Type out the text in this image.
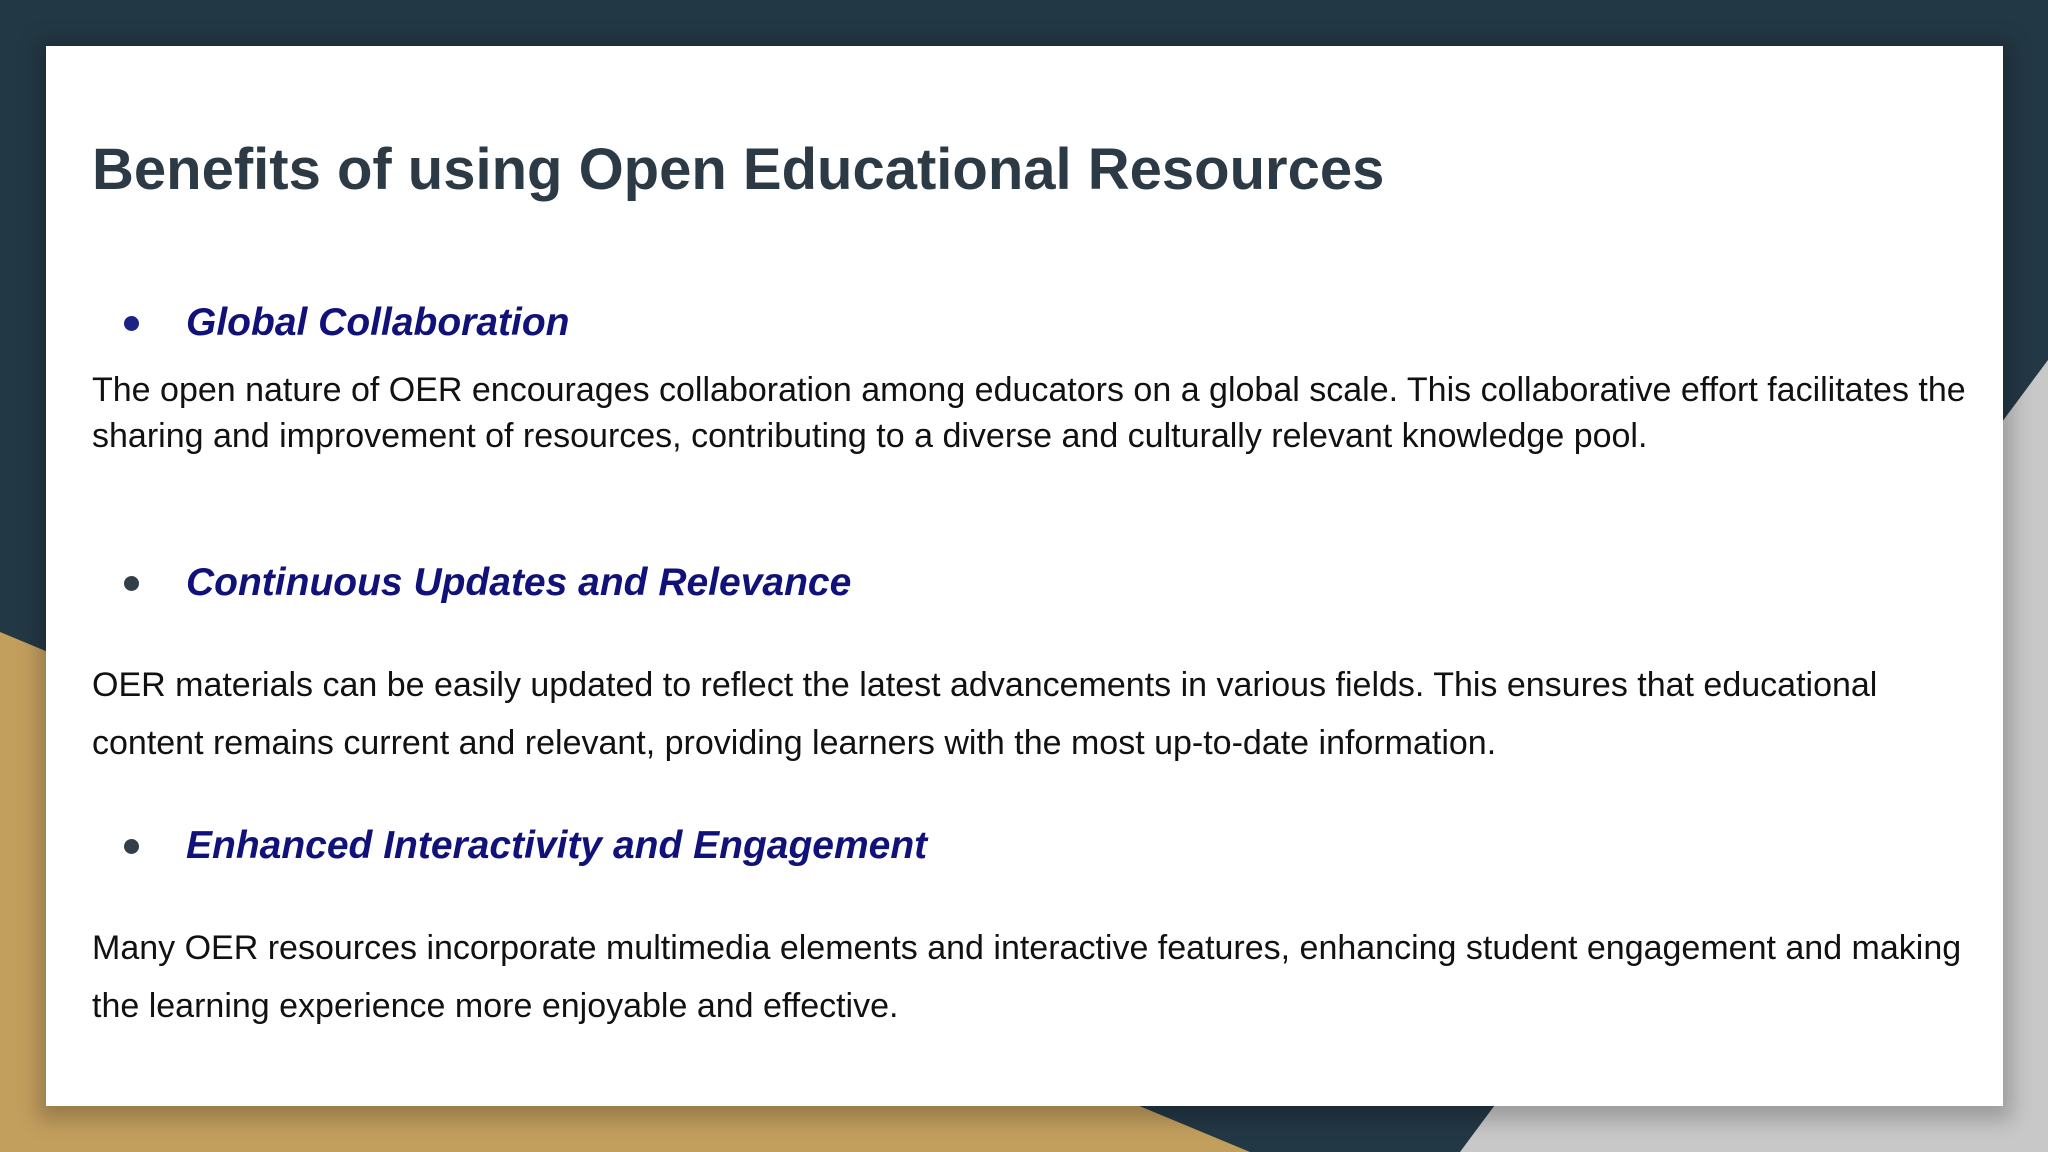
Benefits of using Open Educational Resources
Global Collaboration

The open nature of OER encourages collaboration among educators on a global scale. This collaborative effort facilitates the sharing and improvement of resources, contributing to a diverse and culturally relevant knowledge pool.

Continuous Updates and Relevance

OER materials can be easily updated to reflect the latest advancements in various fields. This ensures that educational content remains current and relevant, providing learners with the most up-to-date information.

Enhanced Interactivity and Engagement

Many OER resources incorporate multimedia elements and interactive features, enhancing student engagement and making the learning experience more enjoyable and effective.
